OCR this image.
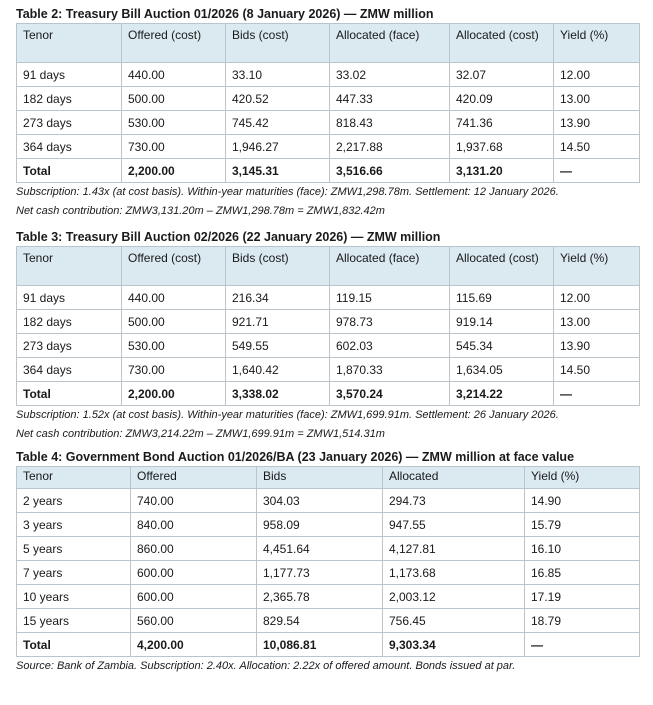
Table 2: Treasury Bill Auction 01/2026 (8 January 2026) — ZMW million

Tenor	Offered (cost)	Bids (cost)	Allocated (face)	Allocated (cost)	Yield (%)
91 days	440.00	33.10	33.02	32.07	12.00
182 days	500.00	420.52	447.33	420.09	13.00
273 days	530.00	745.42	818.43	741.36	13.90
364 days	730.00	1,946.27	2,217.88	1,937.68	14.50
Total	2,200.00	3,145.31	3,516.66	3,131.20	—

Subscription: 1.43x (at cost basis). Within-year maturities (face): ZMW1,298.78m. Settlement: 12 January 2026.

Net cash contribution: ZMW3,131.20m – ZMW1,298.78m = ZMW1,832.42m

Table 3: Treasury Bill Auction 02/2026 (22 January 2026) — ZMW million

Tenor	Offered (cost)	Bids (cost)	Allocated (face)	Allocated (cost)	Yield (%)
91 days	440.00	216.34	119.15	115.69	12.00
182 days	500.00	921.71	978.73	919.14	13.00
273 days	530.00	549.55	602.03	545.34	13.90
364 days	730.00	1,640.42	1,870.33	1,634.05	14.50
Total	2,200.00	3,338.02	3,570.24	3,214.22	—

Subscription: 1.52x (at cost basis). Within-year maturities (face): ZMW1,699.91m. Settlement: 26 January 2026.

Net cash contribution: ZMW3,214.22m – ZMW1,699.91m = ZMW1,514.31m

Table 4: Government Bond Auction 01/2026/BA (23 January 2026) — ZMW million at face value

Tenor	Offered	Bids	Allocated	Yield (%)
2 years	740.00	304.03	294.73	14.90
3 years	840.00	958.09	947.55	15.79
5 years	860.00	4,451.64	4,127.81	16.10
7 years	600.00	1,177.73	1,173.68	16.85
10 years	600.00	2,365.78	2,003.12	17.19
15 years	560.00	829.54	756.45	18.79
Total	4,200.00	10,086.81	9,303.34	—

Source: Bank of Zambia. Subscription: 2.40x. Allocation: 2.22x of offered amount. Bonds issued at par.
